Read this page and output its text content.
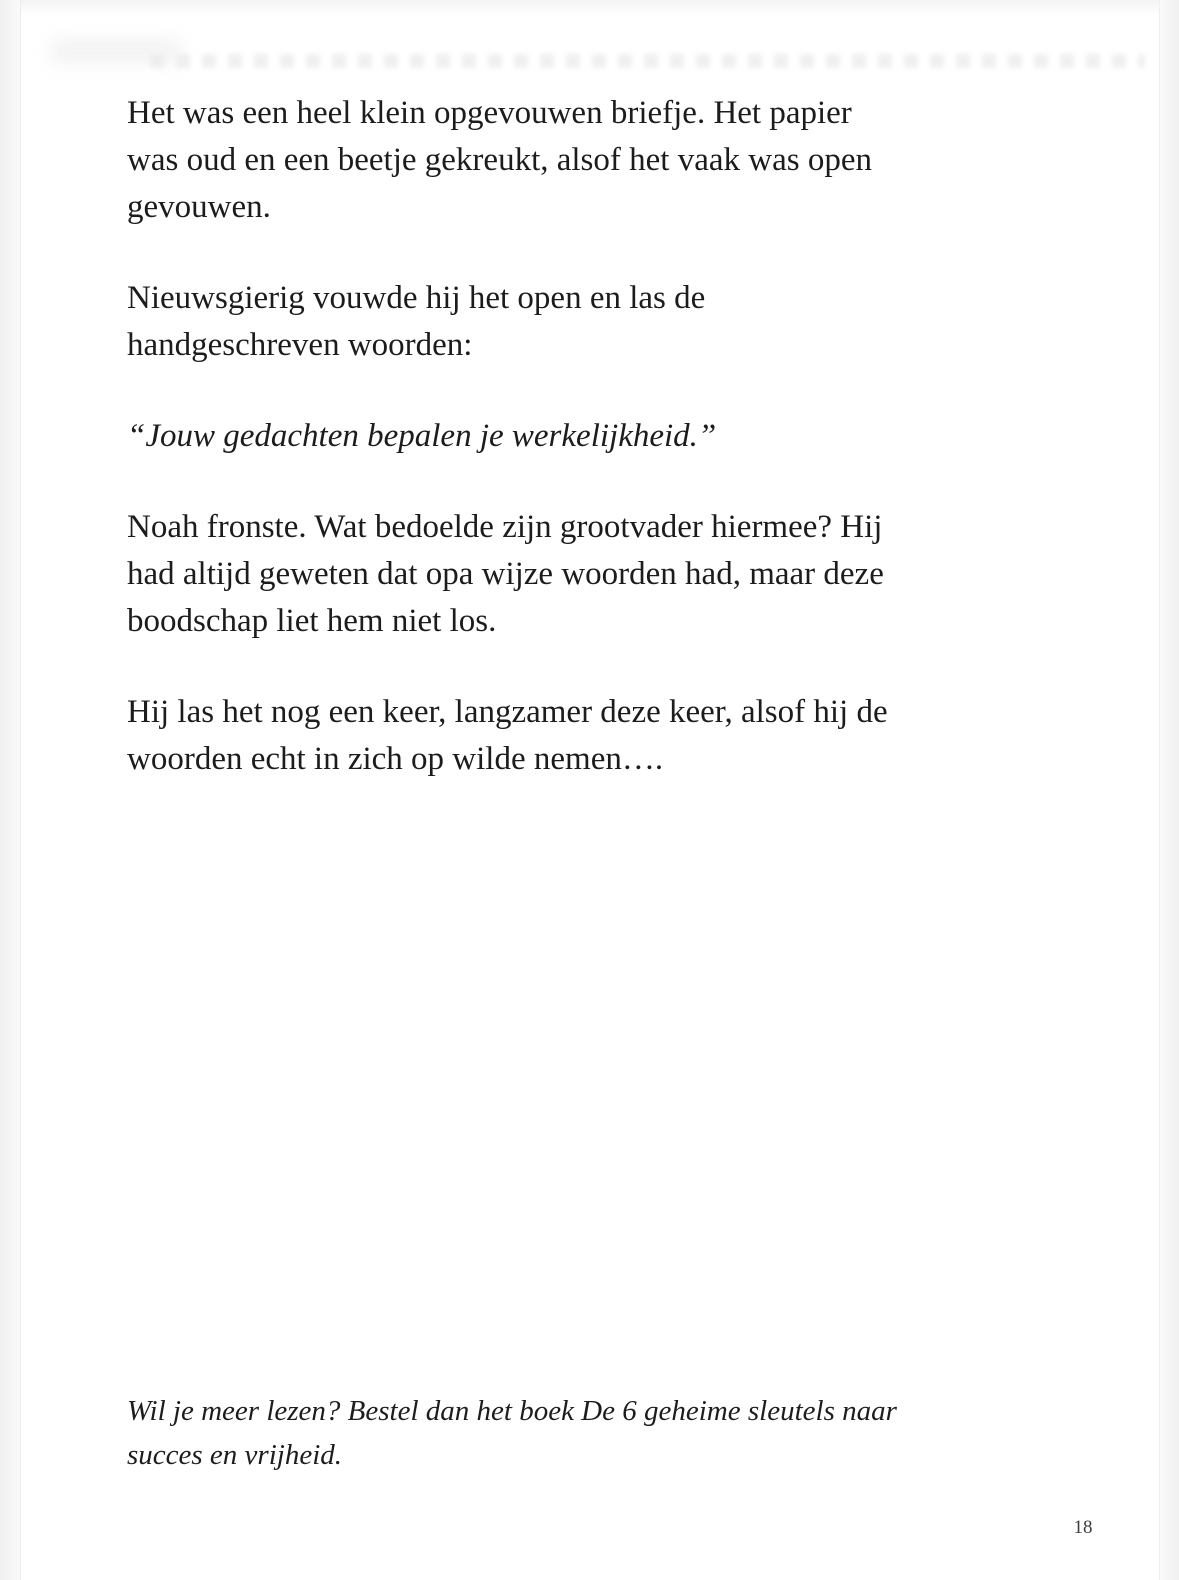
Het was een heel klein opgevouwen briefje. Het papier
was oud en een beetje gekreukt, alsof het vaak was open
gevouwen.

Nieuwsgierig vouwde hij het open en las de
handgeschreven woorden:

“Jouw gedachten bepalen je werkelijkheid.”

Noah fronste. Wat bedoelde zijn grootvader hiermee? Hij
had altijd geweten dat opa wijze woorden had, maar deze
boodschap liet hem niet los.

Hij las het nog een keer, langzamer deze keer, alsof hij de
woorden echt in zich op wilde nemen….

Wil je meer lezen? Bestel dan het boek De 6 geheime sleutels naar
succes en vrijheid.
18
